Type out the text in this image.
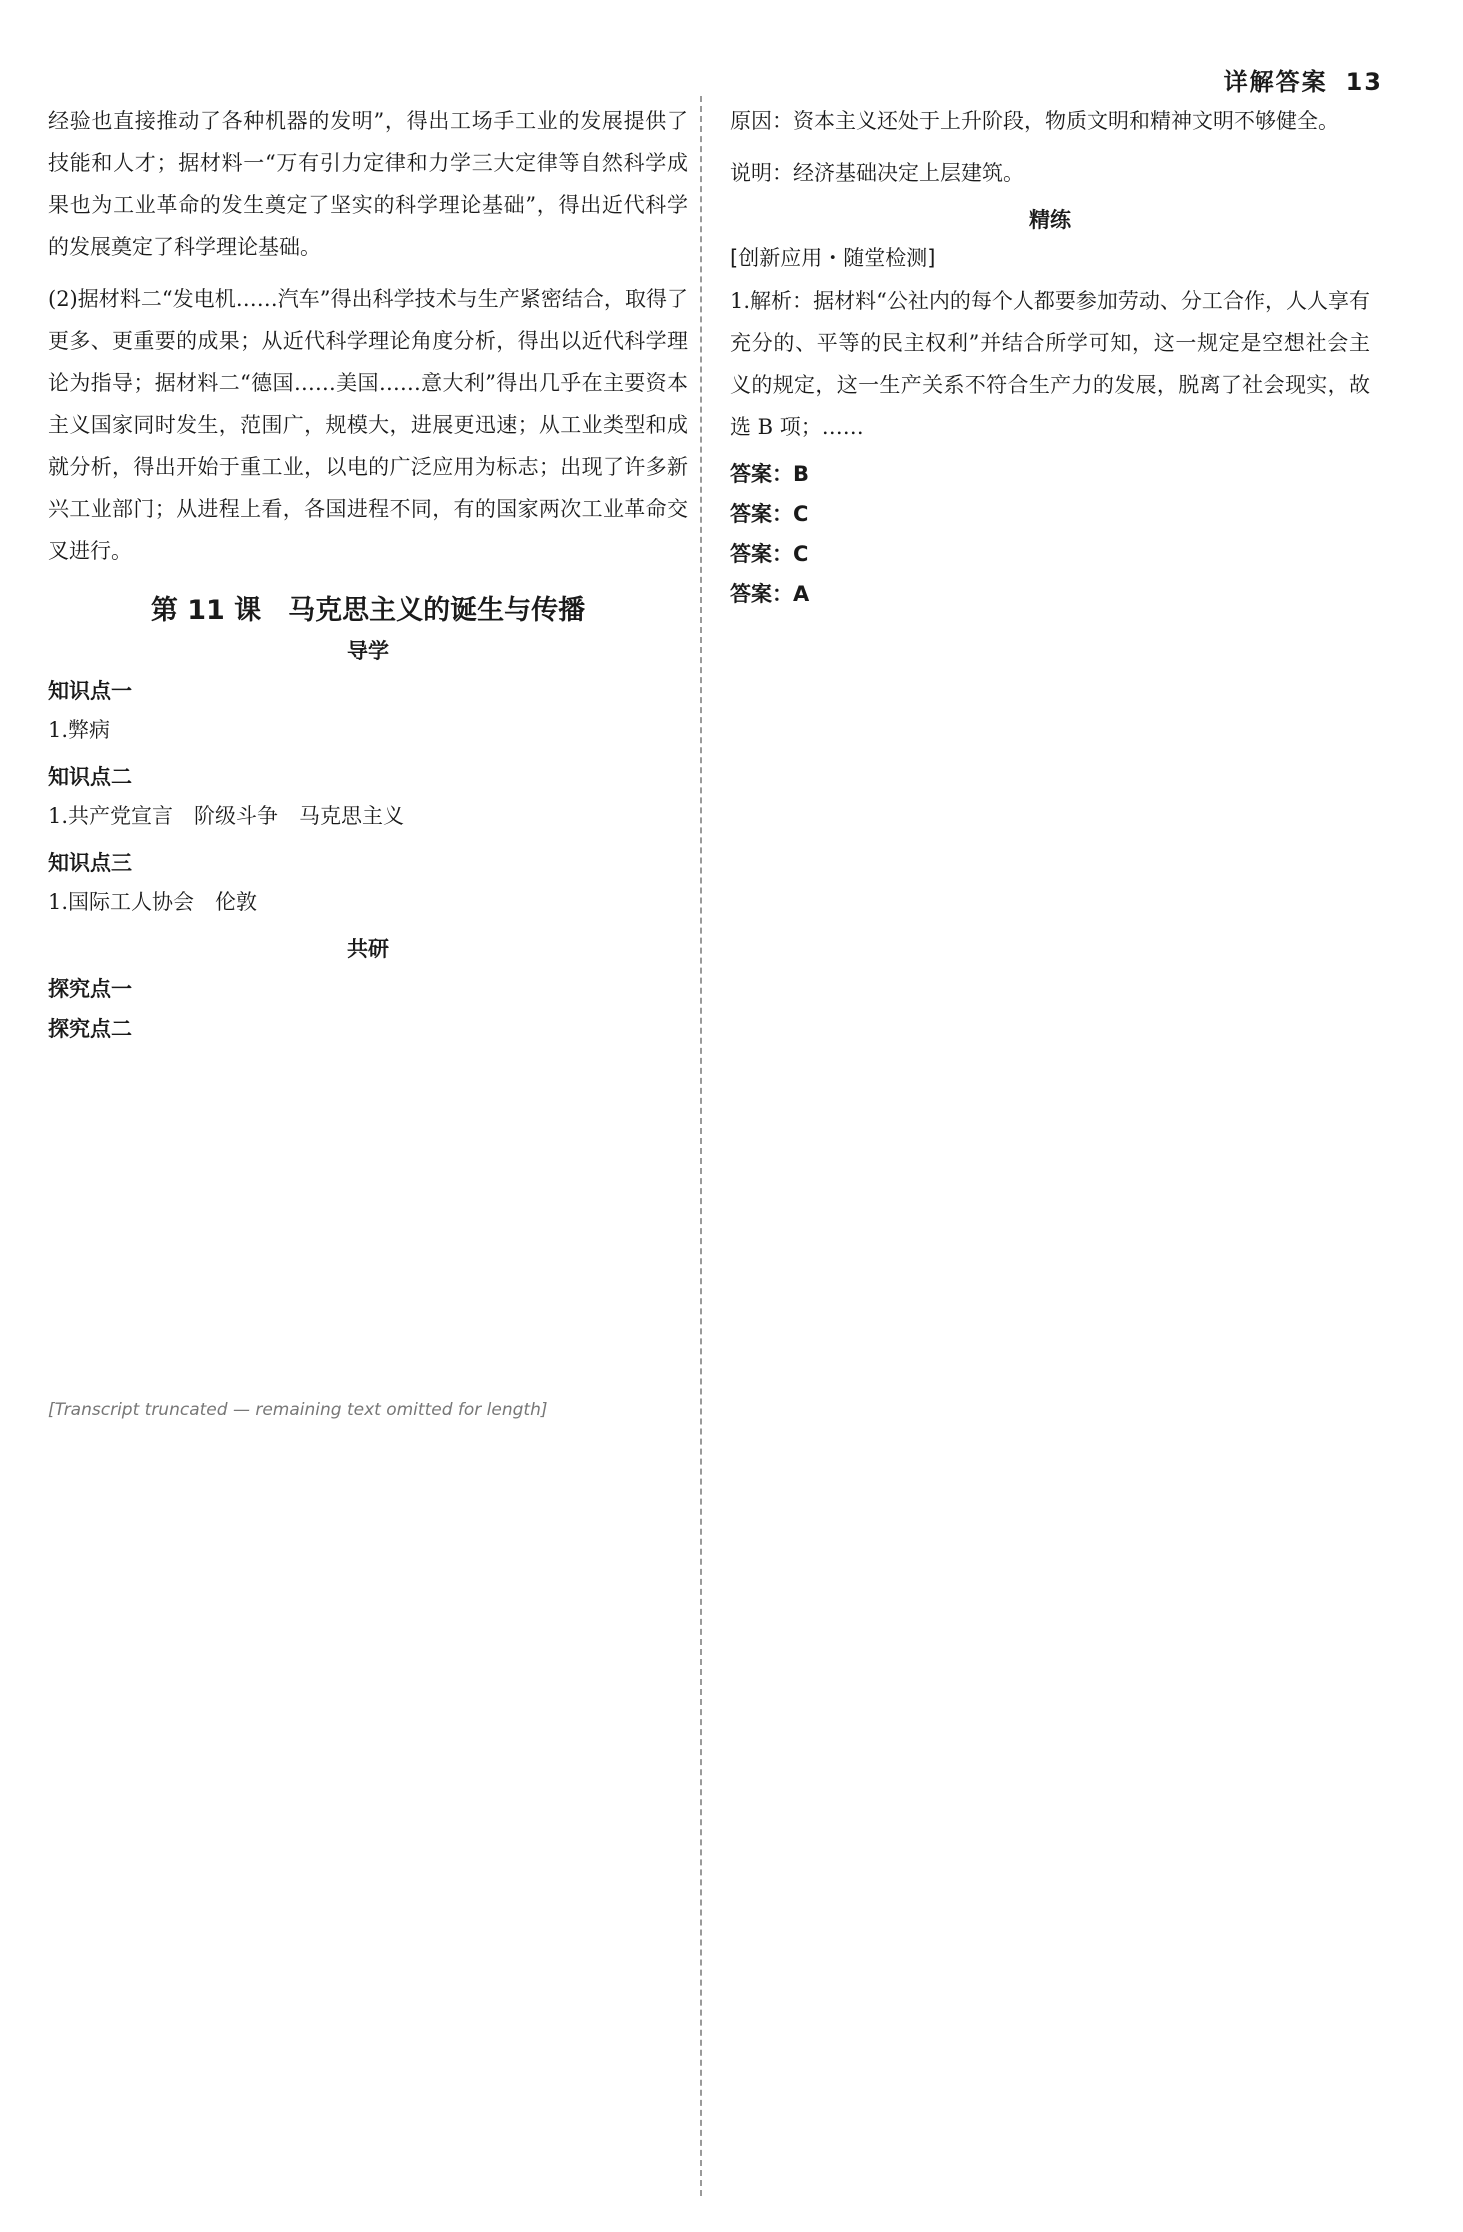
详解答案 13

经验也直接推动了各种机器的发明”，得出工场手工业的发展提供了技能和人才；据材料一“万有引力定律和力学三大定律等自然科学成果也为工业革命的发生奠定了坚实的科学理论基础”，得出近代科学的发展奠定了科学理论基础。

(2)据材料二“发电机……汽车”得出科学技术与生产紧密结合，取得了更多、更重要的成果；从近代科学理论角度分析，得出以近代科学理论为指导；据材料二“德国……美国……意大利”得出几乎在主要资本主义国家同时发生，范围广，规模大，进展更迅速；从工业类型和成就分析，得出开始于重工业，以电的广泛应用为标志；出现了许多新兴工业部门；从进程上看，各国进程不同，有的国家两次工业革命交叉进行。

第 11 课　马克思主义的诞生与传播
导学
知识点一

1.弊病

知识点二

1.共产党宣言　阶级斗争　马克思主义

知识点三

1.国际工人协会　伦敦

共研
探究点一
探究点二

原因：资本主义还处于上升阶段，物质文明和精神文明不够健全。

说明：经济基础决定上层建筑。

精练
[创新应用・随堂检测]

1.解析：据材料“公社内的每个人都要参加劳动、分工合作，人人享有充分的、平等的民主权利”并结合所学可知，这一规定是空想社会主义的规定，这一生产关系不符合生产力的发展，脱离了社会现实，故选 B 项；……

答案：B
答案：C
答案：C
答案：A
[Transcript truncated — remaining text omitted for length]
